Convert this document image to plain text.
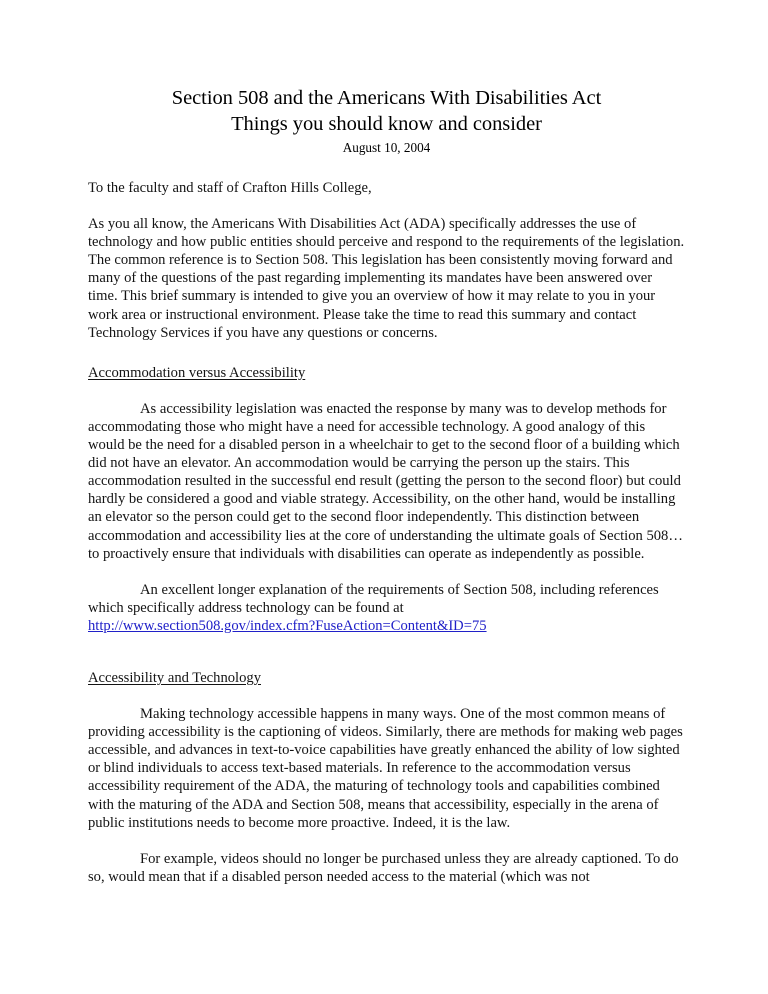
Section 508 and the Americans With Disabilities Act
Things you should know and consider
August 10, 2004

To the faculty and staff of Crafton Hills College,

As you all know, the Americans With Disabilities Act (ADA) specifically addresses the use of technology and how public entities should perceive and respond to the requirements of the legislation. The common reference is to Section 508. This legislation has been consistently moving forward and many of the questions of the past regarding implementing its mandates have been answered over time. This brief summary is intended to give you an overview of how it may relate to you in your work area or instructional environment. Please take the time to read this summary and contact Technology Services if you have any questions or concerns.

Accommodation versus Accessibility

As accessibility legislation was enacted the response by many was to develop methods for accommodating those who might have a need for accessible technology. A good analogy of this would be the need for a disabled person in a wheelchair to get to the second floor of a building which did not have an elevator. An accommodation would be carrying the person up the stairs. This accommodation resulted in the successful end result (getting the person to the second floor) but could hardly be considered a good and viable strategy. Accessibility, on the other hand, would be installing an elevator so the person could get to the second floor independently. This distinction between accommodation and accessibility lies at the core of understanding the ultimate goals of Section 508…to proactively ensure that individuals with disabilities can operate as independently as possible.

An excellent longer explanation of the requirements of Section 508, including references which specifically address technology can be found at

http://www.section508.gov/index.cfm?FuseAction=Content&ID=75
Accessibility and Technology

Making technology accessible happens in many ways. One of the most common means of providing accessibility is the captioning of videos. Similarly, there are methods for making web pages accessible, and advances in text-to-voice capabilities have greatly enhanced the ability of low sighted or blind individuals to access text-based materials. In reference to the accommodation versus accessibility requirement of the ADA, the maturing of technology tools and capabilities combined with the maturing of the ADA and Section 508, means that accessibility, especially in the arena of public institutions needs to become more proactive. Indeed, it is the law.

For example, videos should no longer be purchased unless they are already captioned. To do so, would mean that if a disabled person needed access to the material (which was not
